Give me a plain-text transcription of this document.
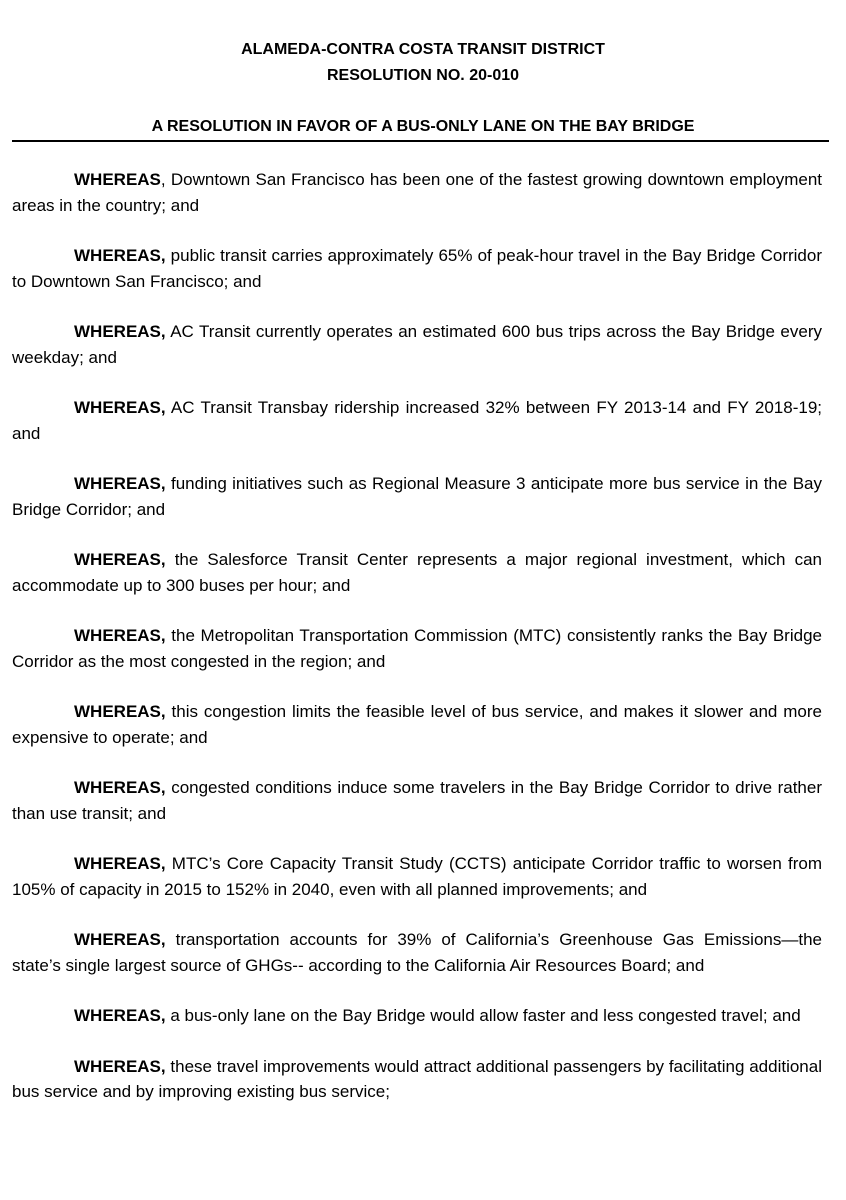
ALAMEDA-CONTRA COSTA TRANSIT DISTRICT
RESOLUTION NO. 20-010
A RESOLUTION IN FAVOR OF A BUS-ONLY LANE ON THE BAY BRIDGE

WHEREAS, Downtown San Francisco has been one of the fastest growing downtown employment areas in the country; and

WHEREAS, public transit carries approximately 65% of peak-hour travel in the Bay Bridge Corridor to Downtown San Francisco; and

WHEREAS, AC Transit currently operates an estimated 600 bus trips across the Bay Bridge every weekday; and

WHEREAS, AC Transit Transbay ridership increased 32% between FY 2013-14 and FY 2018-19; and

WHEREAS, funding initiatives such as Regional Measure 3 anticipate more bus service in the Bay Bridge Corridor; and

WHEREAS, the Salesforce Transit Center represents a major regional investment, which can accommodate up to 300 buses per hour; and

WHEREAS, the Metropolitan Transportation Commission (MTC) consistently ranks the Bay Bridge Corridor as the most congested in the region; and

WHEREAS, this congestion limits the feasible level of bus service, and makes it slower and more expensive to operate; and

WHEREAS, congested conditions induce some travelers in the Bay Bridge Corridor to drive rather than use transit; and

WHEREAS, MTC’s Core Capacity Transit Study (CCTS) anticipate Corridor traffic to worsen from 105% of capacity in 2015 to 152% in 2040, even with all planned improvements; and

WHEREAS, transportation accounts for 39% of California’s Greenhouse Gas Emissions—the state’s single largest source of GHGs-- according to the California Air Resources Board; and

WHEREAS, a bus-only lane on the Bay Bridge would allow faster and less congested travel; and

WHEREAS, these travel improvements would attract additional passengers by facilitating additional bus service and by improving existing bus service;
